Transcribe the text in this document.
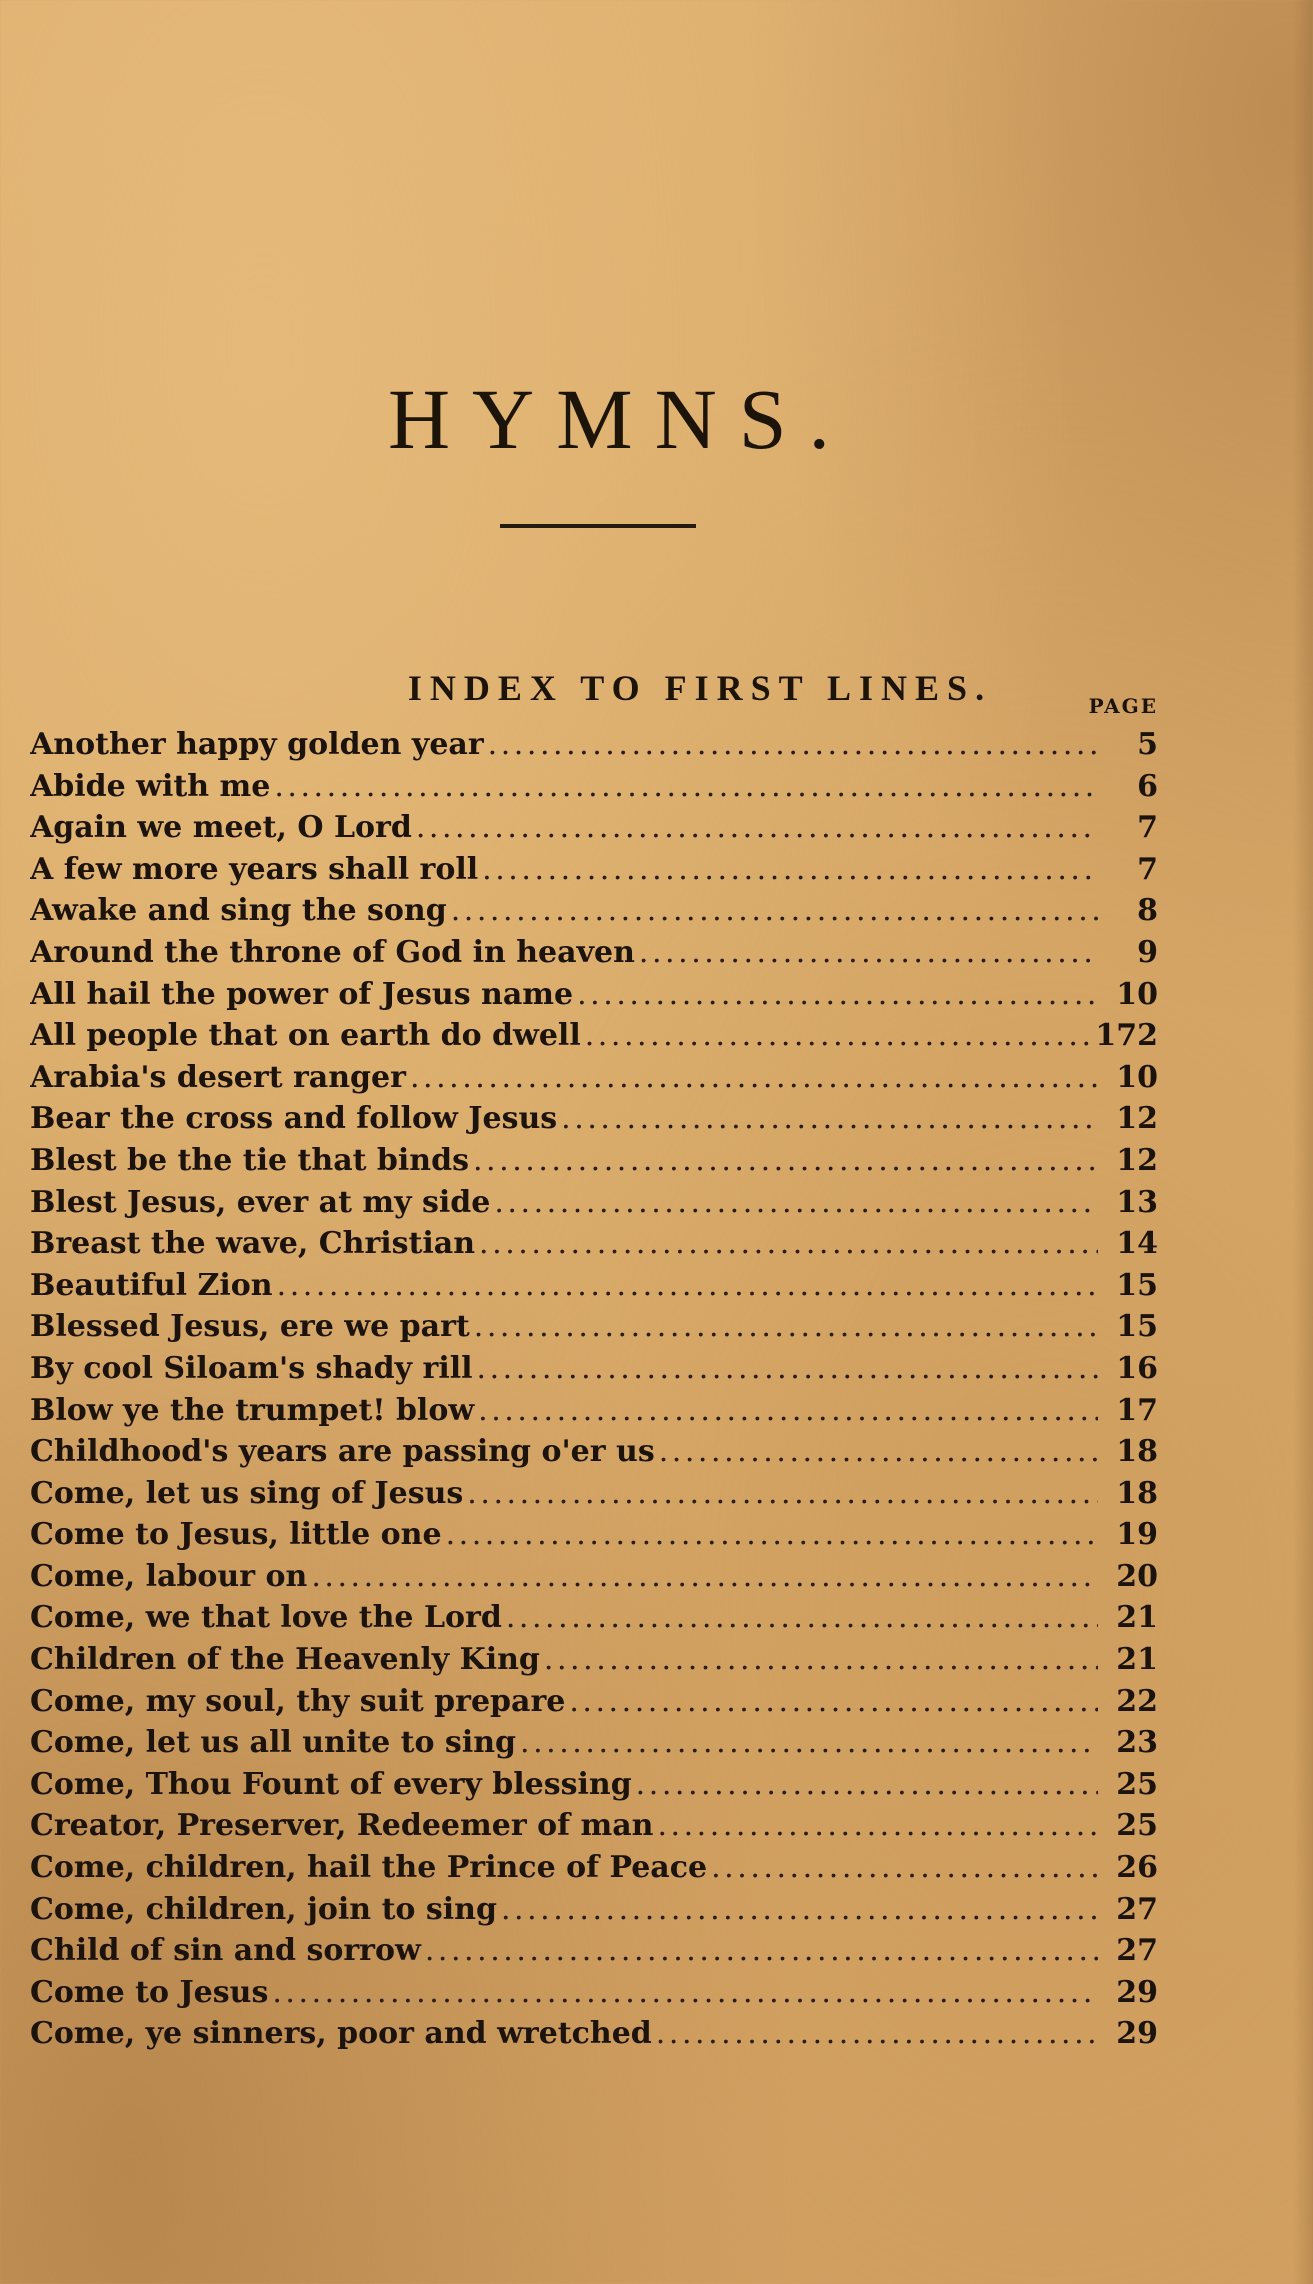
HYMNS.
INDEX TO FIRST LINES.	PAGE
Another happy golden year . . .	5
Abide with me . . .	6
Again we meet, O Lord . . .	7
A few more years shall roll . . .	7
Awake and sing the song . . .	8
Around the throne of God in heaven . . .	9
All hail the power of Jesus name . . .	10
All people that on earth do dwell . . .	172
Arabia's desert ranger . . .	10
Bear the cross and follow Jesus . . .	12
Blest be the tie that binds . . .	12
Blest Jesus, ever at my side . . .	13
Breast the wave, Christian . . .	14
Beautiful Zion . . .	15
Blessed Jesus, ere we part . . .	15
By cool Siloam's shady rill . . .	16
Blow ye the trumpet! blow . . .	17
Childhood's years are passing o'er us . . .	18
Come, let us sing of Jesus . . .	18
Come to Jesus, little one . . .	19
Come, labour on . . .	20
Come, we that love the Lord . . .	21
Children of the Heavenly King . . .	21
Come, my soul, thy suit prepare . . .	22
Come, let us all unite to sing . . .	23
Come, Thou Fount of every blessing . . .	25
Creator, Preserver, Redeemer of man . . .	25
Come, children, hail the Prince of Peace . . .	26
Come, children, join to sing . . .	27
Child of sin and sorrow . . .	27
Come to Jesus . . .	29
Come, ye sinners, poor and wretched . . .	29
